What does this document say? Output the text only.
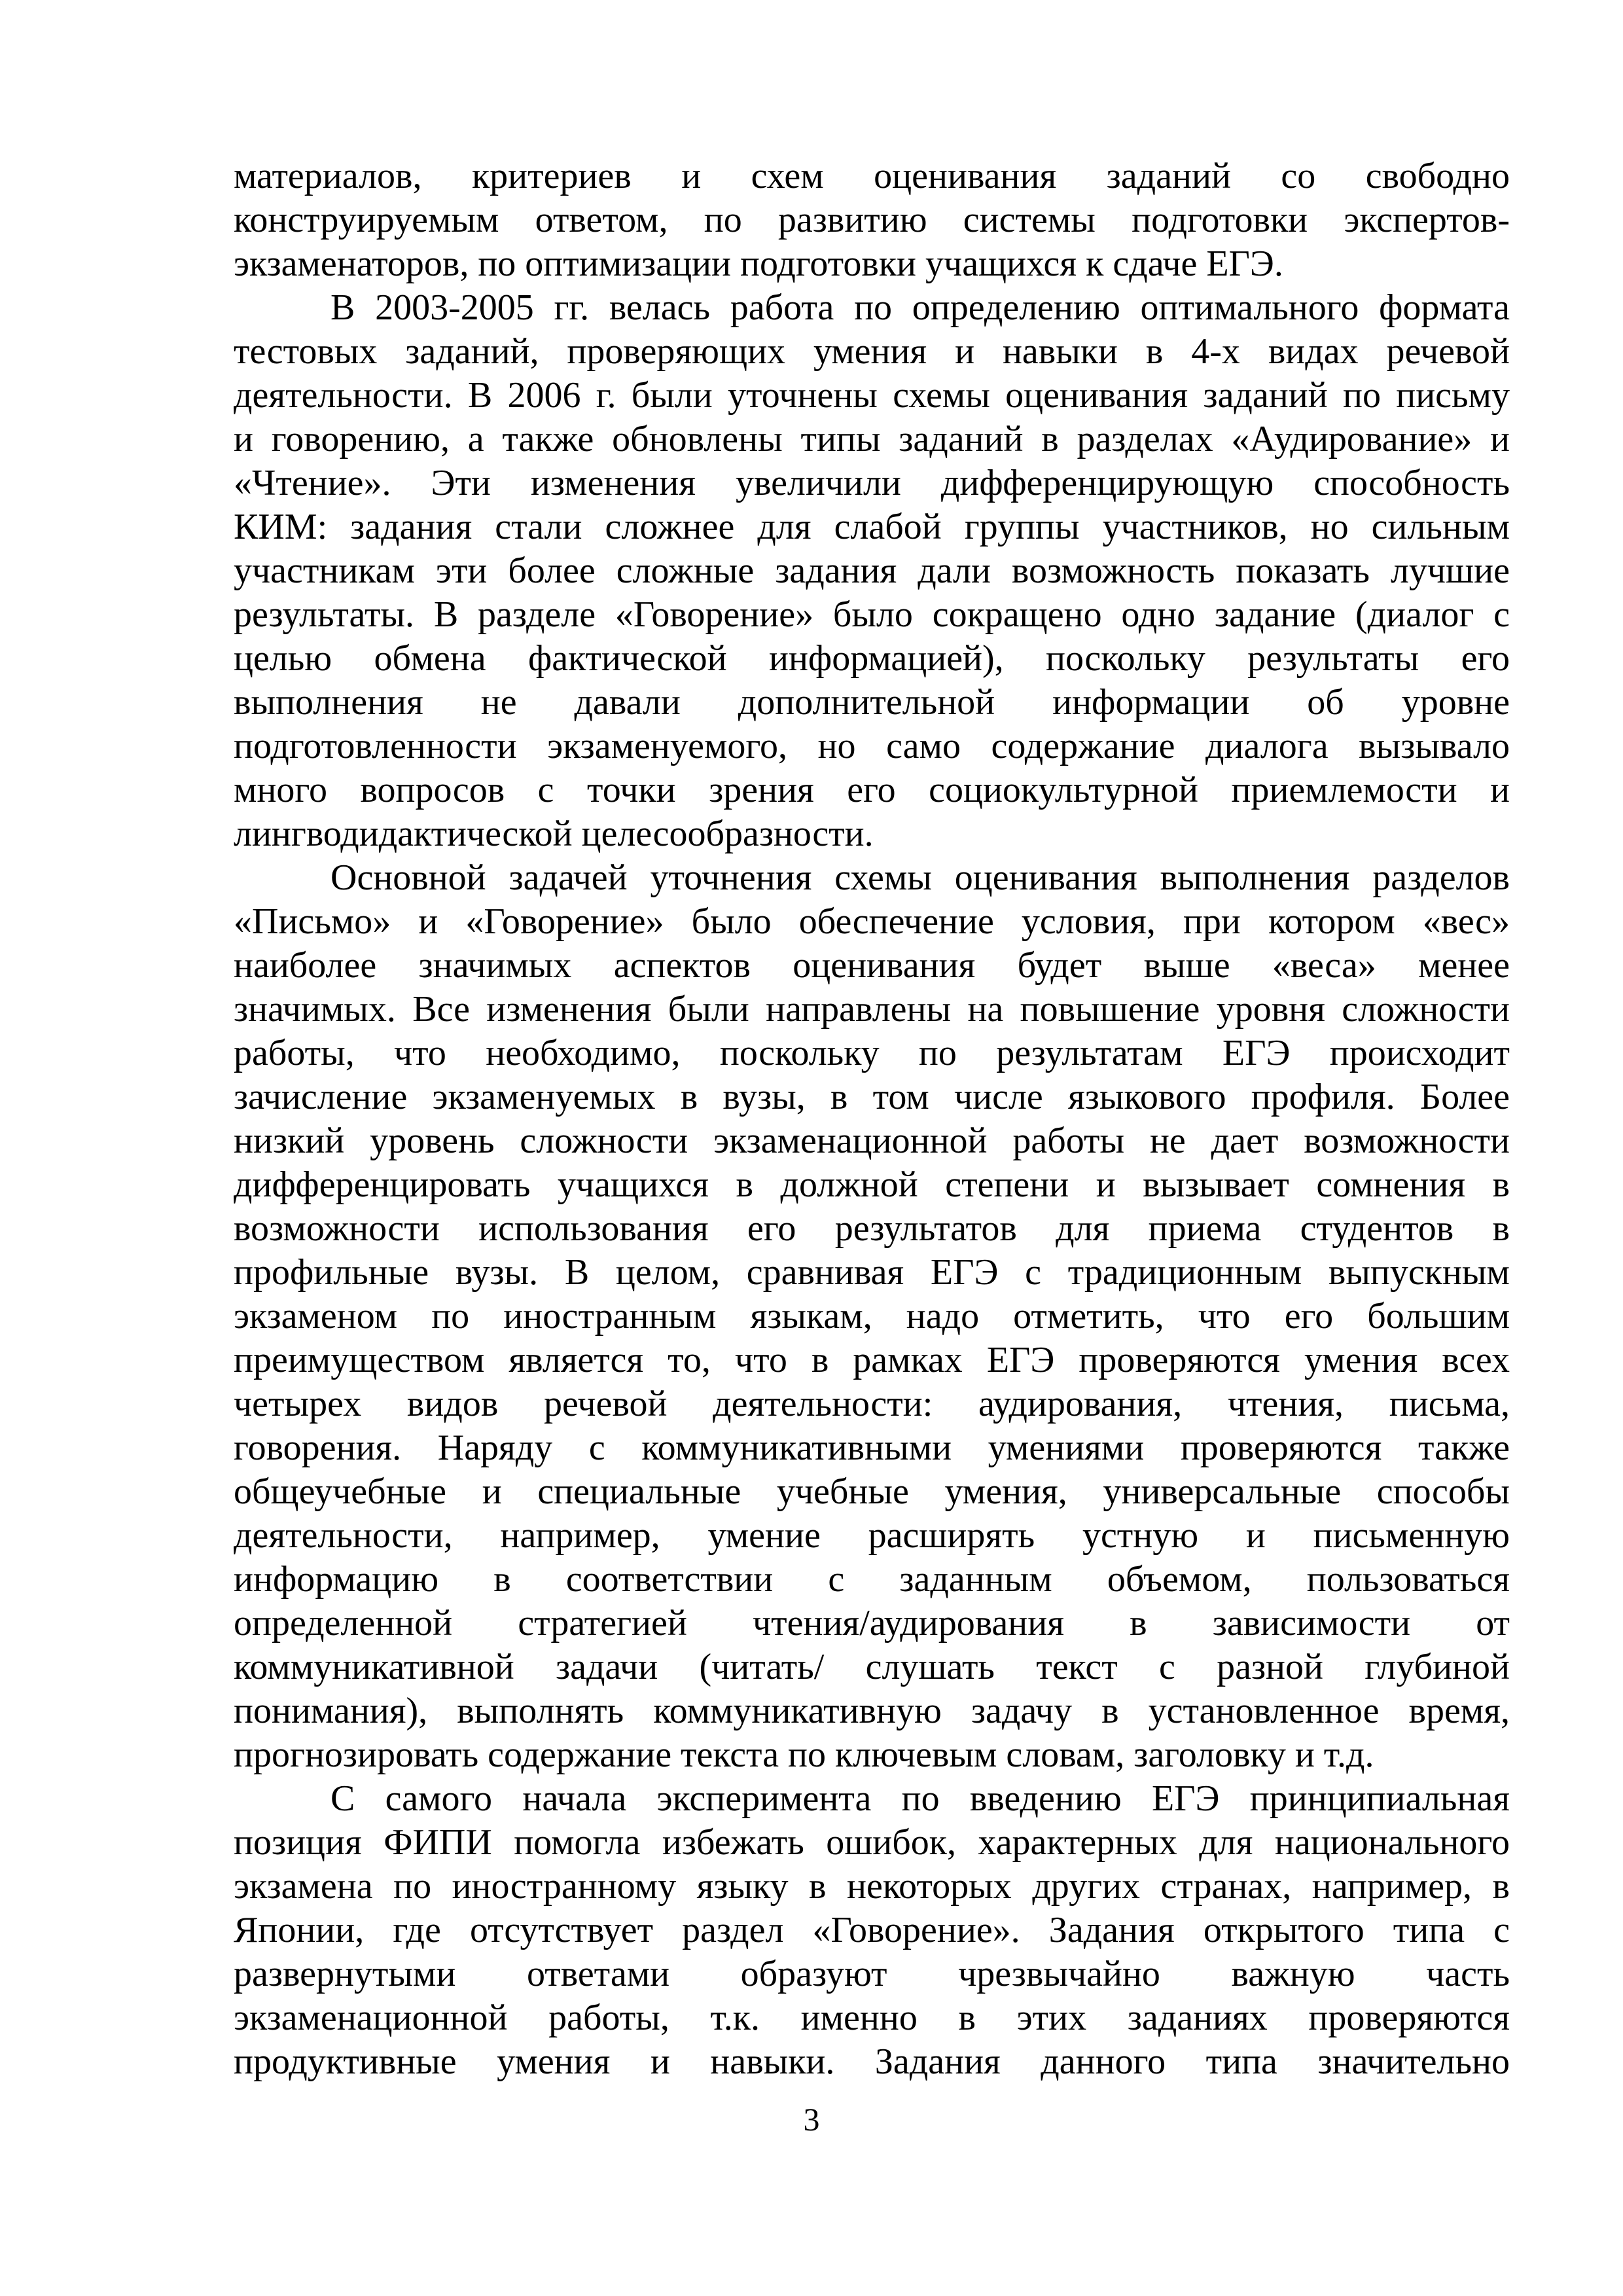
материалов, критериев и схем оценивания заданий со свободно
конструируемым ответом, по развитию системы подготовки экспертов-
экзаменаторов, по оптимизации подготовки учащихся к сдаче ЕГЭ.
В 2003-2005 гг. велась работа по определению оптимального формата
тестовых заданий, проверяющих умения и навыки в 4-х видах речевой
деятельности. В 2006 г. были уточнены схемы оценивания заданий по письму
и говорению, а также обновлены типы заданий в разделах «Аудирование» и
«Чтение». Эти изменения увеличили дифференцирующую способность
КИМ: задания стали сложнее для слабой группы участников, но сильным
участникам эти более сложные задания дали возможность показать лучшие
результаты. В разделе «Говорение» было сокращено одно задание (диалог с
целью обмена фактической информацией), поскольку результаты его
выполнения не давали дополнительной информации об уровне
подготовленности экзаменуемого, но само содержание диалога вызывало
много вопросов с точки зрения его социокультурной приемлемости и
лингводидактической целесообразности.
Основной задачей уточнения схемы оценивания выполнения разделов
«Письмо» и «Говорение» было обеспечение условия, при котором «вес»
наиболее значимых аспектов оценивания будет выше «веса» менее
значимых. Все изменения были направлены на повышение уровня сложности
работы, что необходимо, поскольку по результатам ЕГЭ происходит
зачисление экзаменуемых в вузы, в том числе языкового профиля. Более
низкий уровень сложности экзаменационной работы не дает возможности
дифференцировать учащихся в должной степени и вызывает сомнения в
возможности использования его результатов для приема студентов в
профильные вузы. В целом, сравнивая ЕГЭ с традиционным выпускным
экзаменом по иностранным языкам, надо отметить, что его большим
преимуществом является то, что в рамках ЕГЭ проверяются умения всех
четырех видов речевой деятельности: аудирования, чтения, письма,
говорения. Наряду с коммуникативными умениями проверяются также
общеучебные и специальные учебные умения, универсальные способы
деятельности, например, умение расширять устную и письменную
информацию в соответствии с заданным объемом, пользоваться
определенной стратегией чтения/аудирования в зависимости от
коммуникативной задачи (читать/ слушать текст с разной глубиной
понимания), выполнять коммуникативную задачу в установленное время,
прогнозировать содержание текста по ключевым словам, заголовку и т.д.
С самого начала эксперимента по введению ЕГЭ принципиальная
позиция ФИПИ помогла избежать ошибок, характерных для национального
экзамена по иностранному языку в некоторых других странах, например, в
Японии, где отсутствует раздел «Говорение». Задания открытого типа с
развернутыми ответами образуют чрезвычайно важную часть
экзаменационной работы, т.к. именно в этих заданиях проверяются
продуктивные умения и навыки. Задания данного типа значительно
3
